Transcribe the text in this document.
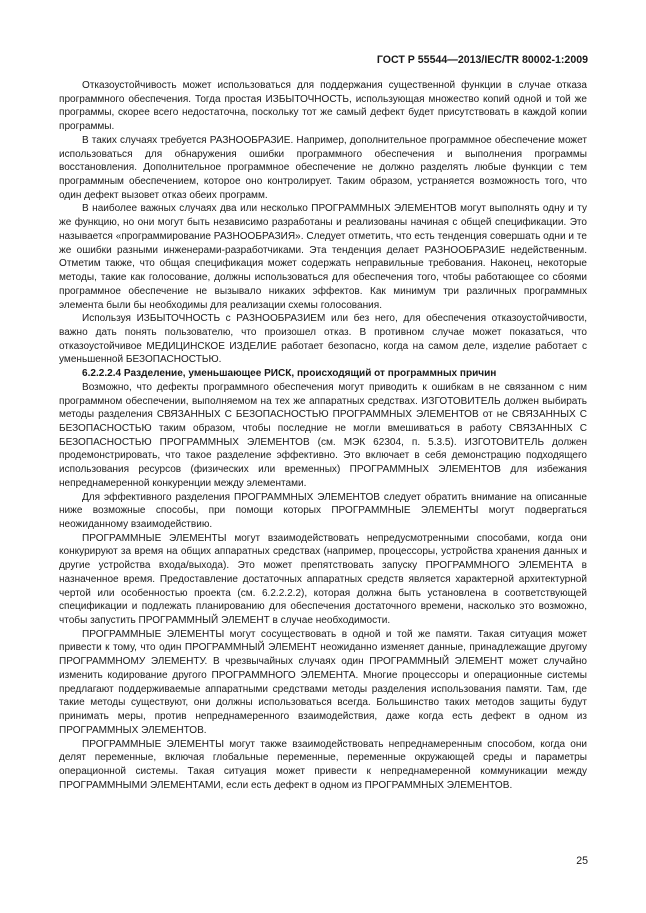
ГОСТ Р 55544—2013/IEC/TR 80002-1:2009

Отказоустойчивость может использоваться для поддержания существенной функции в случае отказа программного обеспечения. Тогда простая ИЗБЫТОЧНОСТЬ, использующая множество копий одной и той же программы, скорее всего недостаточна, поскольку тот же самый дефект будет присутствовать в каждой копии программы.

В таких случаях требуется РАЗНООБРАЗИЕ. Например, дополнительное программное обеспечение может использоваться для обнаружения ошибки программного обеспечения и выполнения программы восстановления. Дополнительное программное обеспечение не должно разделять любые функции с тем программным обеспечением, которое оно контролирует. Таким образом, устраняется возможность того, что один дефект вызовет отказ обеих программ.

В наиболее важных случаях два или несколько ПРОГРАММНЫХ ЭЛЕМЕНТОВ могут выполнять одну и ту же функцию, но они могут быть независимо разработаны и реализованы начиная с общей спецификации. Это называется «программирование РАЗНООБРАЗИЯ». Следует отметить, что есть тенденция совершать одни и те же ошибки разными инженерами-разработчиками. Эта тенденция делает РАЗНООБРАЗИЕ недейственным. Отметим также, что общая спецификация может содержать неправильные требования. Наконец, некоторые методы, такие как голосование, должны использоваться для обеспечения того, чтобы работающее со сбоями программное обеспечение не вызывало никаких эффектов. Как минимум три различных программных элемента были бы необходимы для реализации схемы голосования.

Используя ИЗБЫТОЧНОСТЬ с РАЗНООБРАЗИЕМ или без него, для обеспечения отказоустойчивости, важно дать понять пользователю, что произошел отказ. В противном случае может показаться, что отказоустойчивое МЕДИЦИНСКОЕ ИЗДЕЛИЕ работает безопасно, когда на самом деле, изделие работает с уменьшенной БЕЗОПАСНОСТЬЮ.

6.2.2.2.4 Разделение, уменьшающее РИСК, происходящий от программных причин

Возможно, что дефекты программного обеспечения могут приводить к ошибкам в не связанном с ним программном обеспечении, выполняемом на тех же аппаратных средствах. ИЗГОТОВИТЕЛЬ должен выбирать методы разделения СВЯЗАННЫХ С БЕЗОПАСНОСТЬЮ ПРОГРАММНЫХ ЭЛЕМЕНТОВ от не СВЯЗАННЫХ С БЕЗОПАСНОСТЬЮ таким образом, чтобы последние не могли вмешиваться в работу СВЯЗАННЫХ С БЕЗОПАСНОСТЬЮ ПРОГРАММНЫХ ЭЛЕМЕНТОВ (см. МЭК 62304, п. 5.3.5). ИЗГОТОВИТЕЛЬ должен продемонстрировать, что такое разделение эффективно. Это включает в себя демонстрацию подходящего использования ресурсов (физических или временных) ПРОГРАММНЫХ ЭЛЕМЕНТОВ для избежания непреднамеренной конкуренции между элементами.

Для эффективного разделения ПРОГРАММНЫХ ЭЛЕМЕНТОВ следует обратить внимание на описанные ниже возможные способы, при помощи которых ПРОГРАММНЫЕ ЭЛЕМЕНТЫ могут подвергаться неожиданному взаимодействию.

ПРОГРАММНЫЕ ЭЛЕМЕНТЫ могут взаимодействовать непредусмотренными способами, когда они конкурируют за время на общих аппаратных средствах (например, процессоры, устройства хранения данных и другие устройства входа/выхода). Это может препятствовать запуску ПРОГРАММНОГО ЭЛЕМЕНТА в назначенное время. Предоставление достаточных аппаратных средств является характерной архитектурной чертой или особенностью проекта (см. 6.2.2.2.2), которая должна быть установлена в соответствующей спецификации и подлежать планированию для обеспечения достаточного времени, насколько это возможно, чтобы запустить ПРОГРАММНЫЙ ЭЛЕМЕНТ в случае необходимости.

ПРОГРАММНЫЕ ЭЛЕМЕНТЫ могут сосуществовать в одной и той же памяти. Такая ситуация может привести к тому, что один ПРОГРАММНЫЙ ЭЛЕМЕНТ неожиданно изменяет данные, принадлежащие другому ПРОГРАММНОМУ ЭЛЕМЕНТУ. В чрезвычайных случаях один ПРОГРАММНЫЙ ЭЛЕМЕНТ может случайно изменить кодирование другого ПРОГРАММНОГО ЭЛЕМЕНТА. Многие процессоры и операционные системы предлагают поддерживаемые аппаратными средствами методы разделения использования памяти. Там, где такие методы существуют, они должны использоваться всегда. Большинство таких методов защиты будут принимать меры, против непреднамеренного взаимодействия, даже когда есть дефект в одном из ПРОГРАММНЫХ ЭЛЕМЕНТОВ.

ПРОГРАММНЫЕ ЭЛЕМЕНТЫ могут также взаимодействовать непреднамеренным способом, когда они делят переменные, включая глобальные переменные, переменные окружающей среды и параметры операционной системы. Такая ситуация может привести к непреднамеренной коммуникации между ПРОГРАММНЫМИ ЭЛЕМЕНТАМИ, если есть дефект в одном из ПРОГРАММНЫХ ЭЛЕМЕНТОВ.

25
